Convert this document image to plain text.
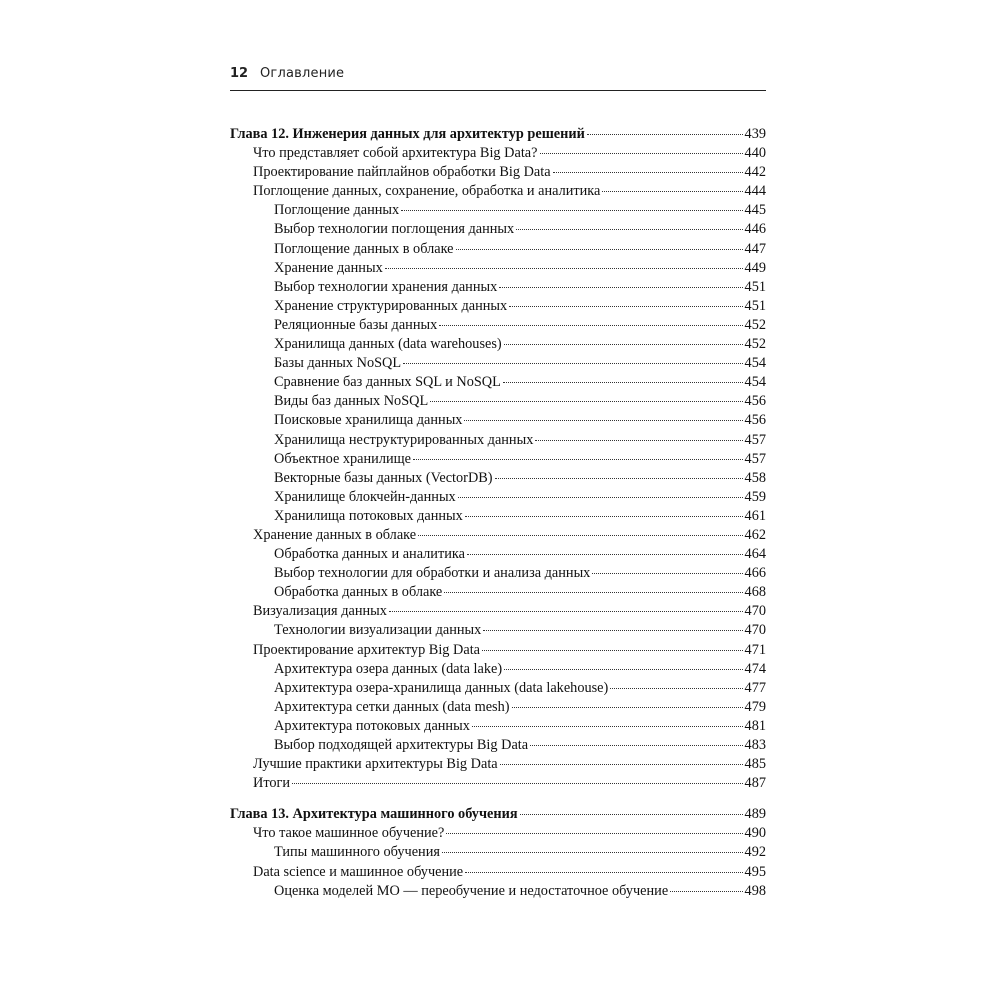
12 Оглавление
Глава 12. Инженерия данных для архитектур решений	439
Что представляет собой архитектура Big Data?	440
Проектирование пайплайнов обработки Big Data	442
Поглощение данных, сохранение, обработка и аналитика	444
Поглощение данных	445
Выбор технологии поглощения данных	446
Поглощение данных в облаке	447
Хранение данных	449
Выбор технологии хранения данных	451
Хранение структурированных данных	451
Реляционные базы данных	452
Хранилища данных (data warehouses)	452
Базы данных NoSQL	454
Сравнение баз данных SQL и NoSQL	454
Виды баз данных NoSQL	456
Поисковые хранилища данных	456
Хранилища неструктурированных данных	457
Объектное хранилище	457
Векторные базы данных (VectorDB)	458
Хранилище блокчейн-данных	459
Хранилища потоковых данных	461
Хранение данных в облаке	462
Обработка данных и аналитика	464
Выбор технологии для обработки и анализа данных	466
Обработка данных в облаке	468
Визуализация данных	470
Технологии визуализации данных	470
Проектирование архитектур Big Data	471
Архитектура озера данных (data lake)	474
Архитектура озера-хранилища данных (data lakehouse)	477
Архитектура сетки данных (data mesh)	479
Архитектура потоковых данных	481
Выбор подходящей архитектуры Big Data	483
Лучшие практики архитектуры Big Data	485
Итоги	487
Глава 13. Архитектура машинного обучения	489
Что такое машинное обучение?	490
Типы машинного обучения	492
Data science и машинное обучение	495
Оценка моделей МО — переобучение и недостаточное обучение	498
